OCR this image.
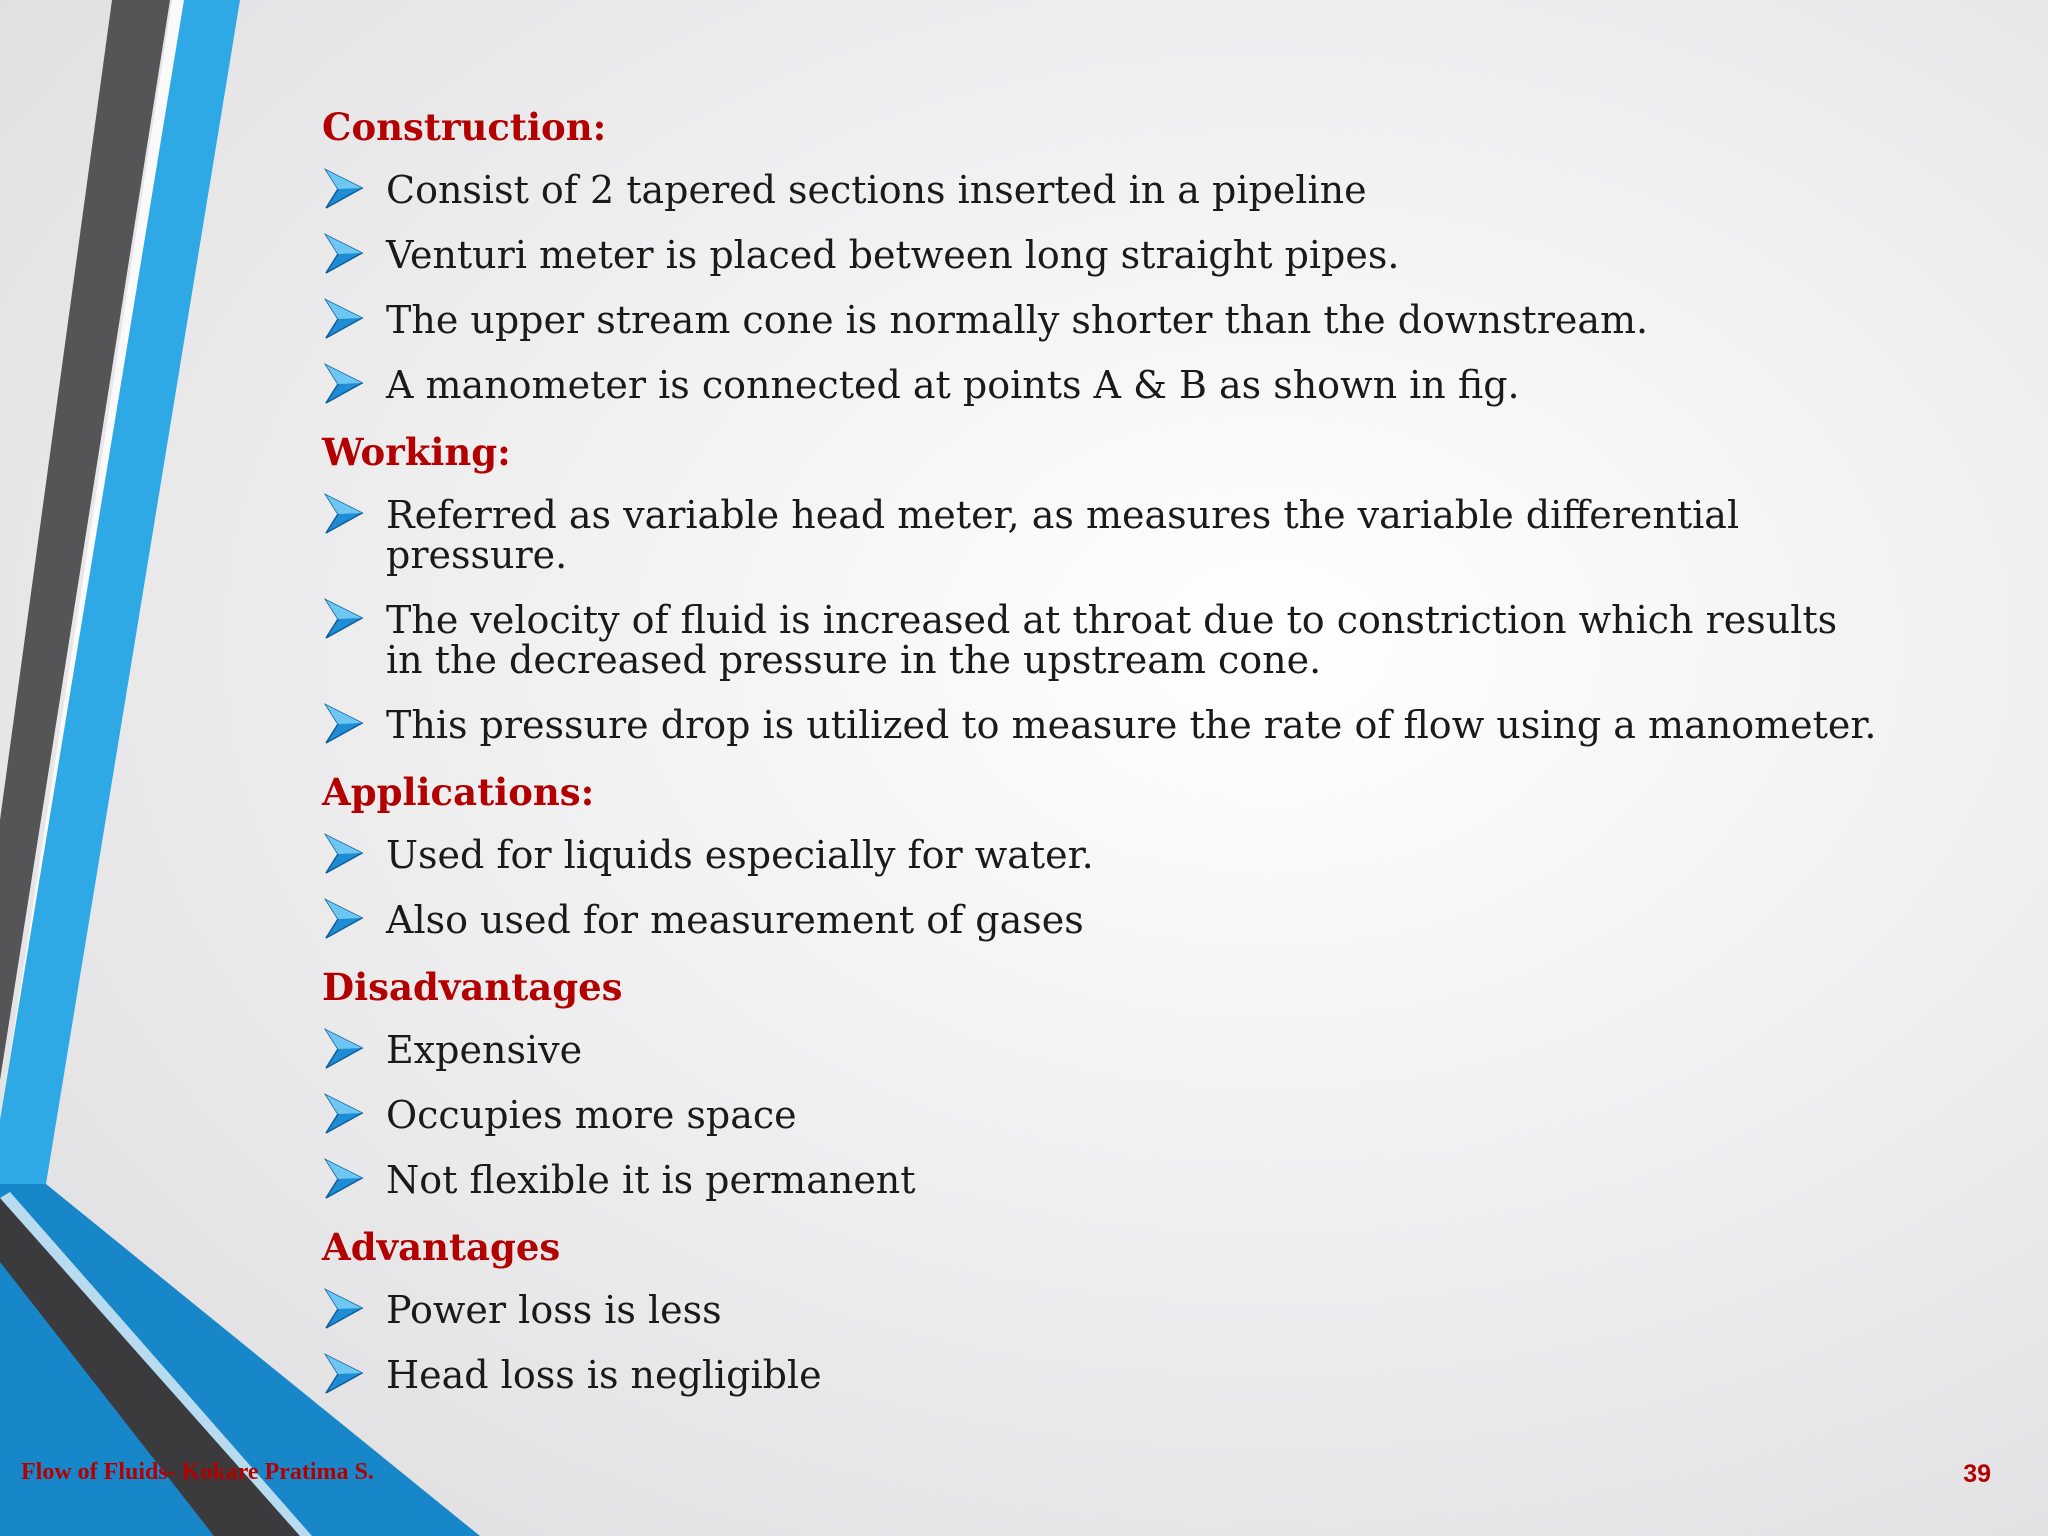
Construction:
Consist of 2 tapered sections inserted in a pipeline
Venturi meter is placed between long straight pipes.
The upper stream cone is normally shorter than the downstream.
A manometer is connected at points A & B as shown in fig.
Working:
Referred as variable head meter, as measures the variable differential pressure.
The velocity of fluid is increased at throat due to constriction which results in the decreased pressure in the upstream cone.
This pressure drop is utilized to measure the rate of flow using a manometer.
Applications:
Used for liquids especially for water.
Also used for measurement of gases
Disadvantages
Expensive
Occupies more space
Not flexible it is permanent
Advantages
Power loss is less
Head loss is negligible
Flow of Fluids- Kokare Pratima S.	39
